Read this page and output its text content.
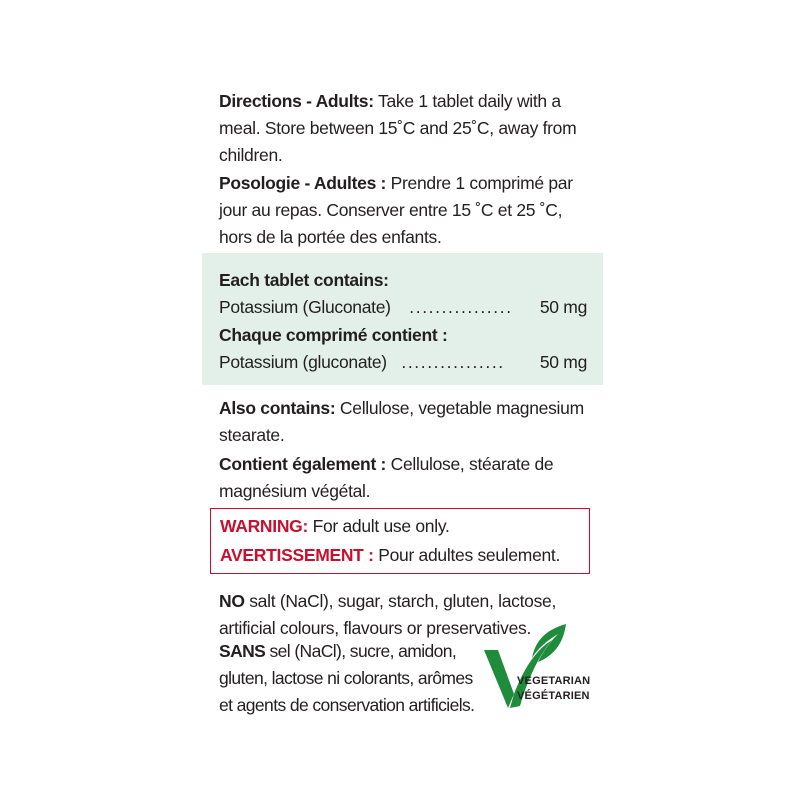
Directions - Adults: Take 1 tablet daily with a meal. Store between 15˚C and 25˚C, away from children.

Posologie - Adultes : Prendre 1 comprimé par jour au repas. Conserver entre 15 ˚C et 25 ˚C, hors de la portée des enfants.

Each tablet contains:
Potassium (Gluconate) ................ 50 mg
Chaque comprimé contient :
Potassium (gluconate) ................ 50 mg

Also contains: Cellulose, vegetable magnesium stearate.

Contient également : Cellulose, stéarate de magnésium végétal.

WARNING: For adult use only.
AVERTISSEMENT : Pour adultes seulement.

NO salt (NaCl), sugar, starch, gluten, lactose, artificial colours, flavours or preservatives.

SANS sel (NaCl), sucre, amidon, gluten, lactose ni colorants, arômes et agents de conservation artificiels.

VEGETARIAN
VÉGÉTARIEN
